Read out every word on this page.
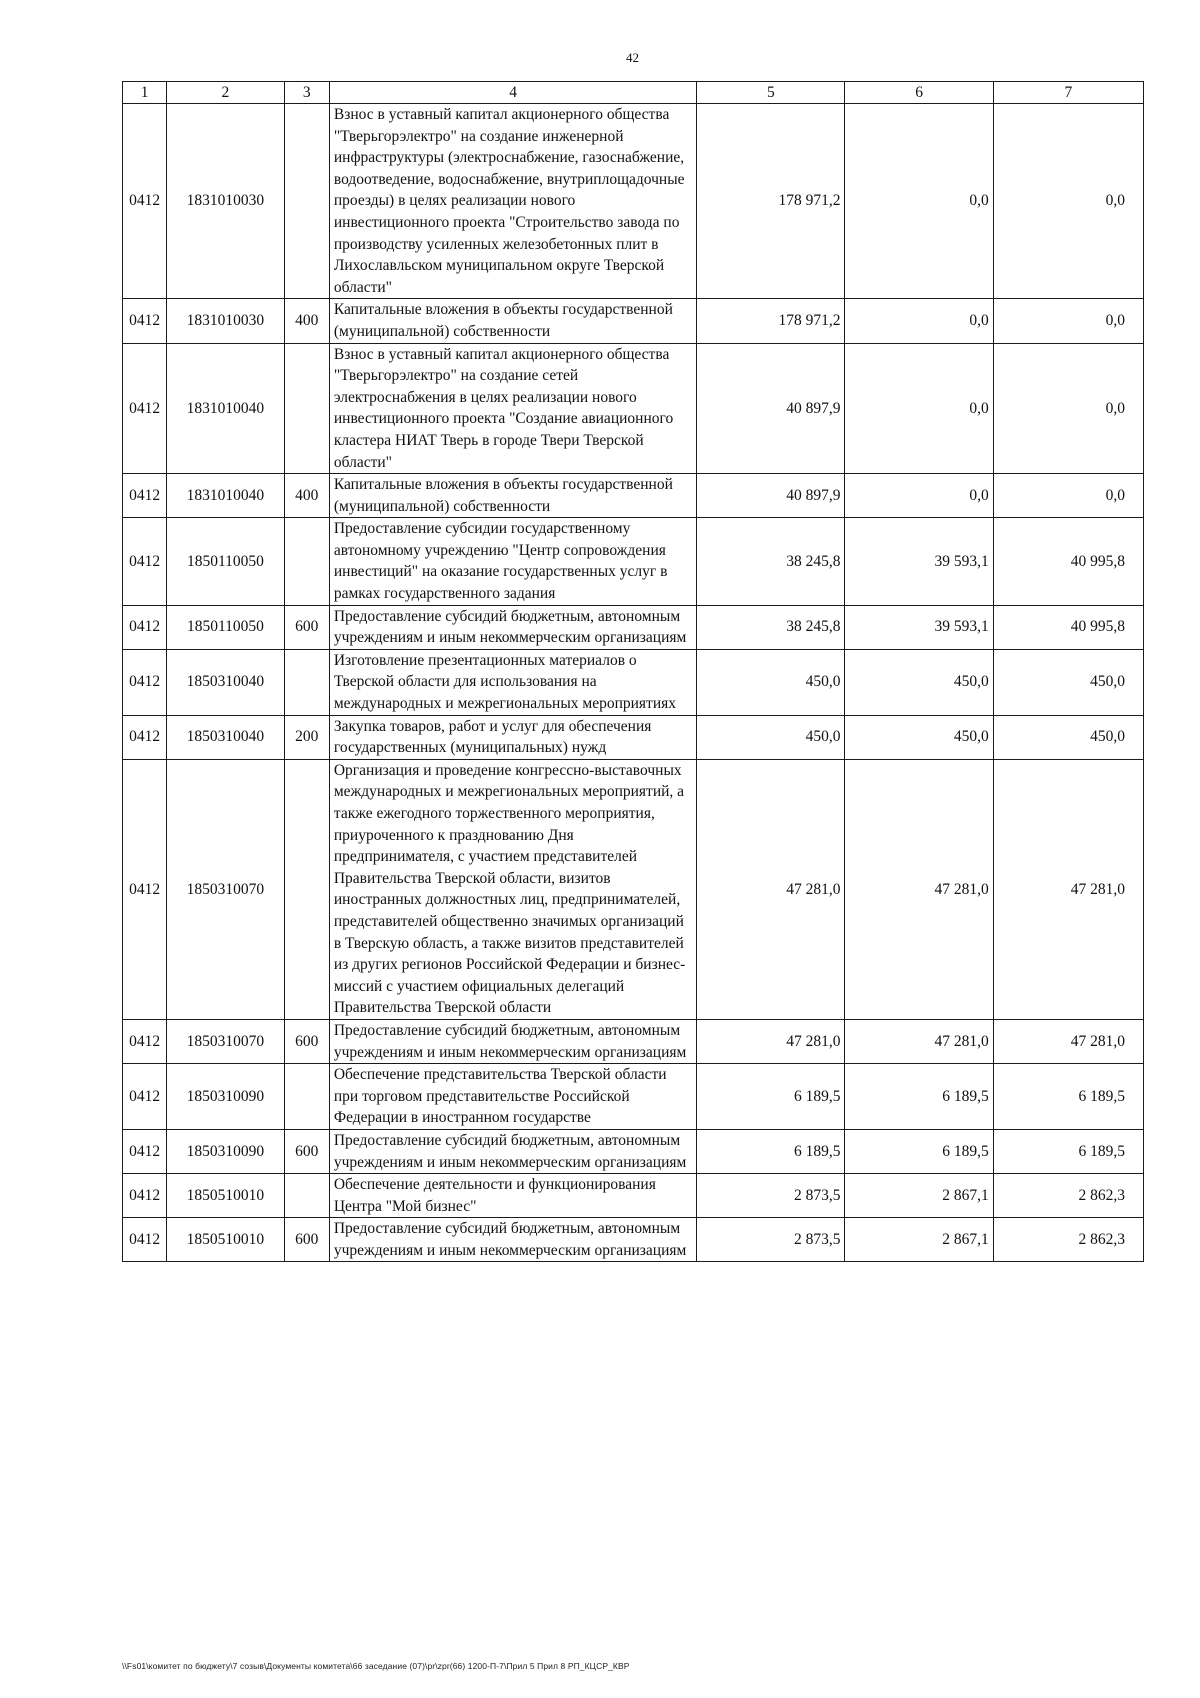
42
1	2	3	4	5	6	7
0412	1831010030		Взнос в уставный капитал акционерного общества "Тверьгорэлектро" на создание инженерной инфраструктуры (электроснабжение, газоснабжение, водоотведение, водоснабжение, внутриплощадочные проезды) в целях реализации нового инвестиционного проекта "Строительство завода по производству усиленных железобетонных плит в Лихославльском муниципальном округе Тверской области"	178 971,2	0,0	0,0
0412	1831010030	400	Капитальные вложения в объекты государственной (муниципальной) собственности	178 971,2	0,0	0,0
0412	1831010040		Взнос в уставный капитал акционерного общества "Тверьгорэлектро" на создание сетей электроснабжения в целях реализации нового инвестиционного проекта "Создание авиационного кластера НИАТ Тверь в городе Твери Тверской области"	40 897,9	0,0	0,0
0412	1831010040	400	Капитальные вложения в объекты государственной (муниципальной) собственности	40 897,9	0,0	0,0
0412	1850110050		Предоставление субсидии государственному автономному учреждению "Центр сопровождения инвестиций" на оказание государственных услуг в рамках государственного задания	38 245,8	39 593,1	40 995,8
0412	1850110050	600	Предоставление субсидий бюджетным, автономным учреждениям и иным некоммерческим организациям	38 245,8	39 593,1	40 995,8
0412	1850310040		Изготовление презентационных материалов о Тверской области для использования на международных и межрегиональных мероприятиях	450,0	450,0	450,0
0412	1850310040	200	Закупка товаров, работ и услуг для обеспечения государственных (муниципальных) нужд	450,0	450,0	450,0
0412	1850310070		Организация и проведение конгрессно-выставочных международных и межрегиональных мероприятий, а также ежегодного торжественного мероприятия, приуроченного к празднованию Дня предпринимателя, с участием представителей Правительства Тверской области, визитов иностранных должностных лиц, предпринимателей, представителей общественно значимых организаций в Тверскую область, а также визитов представителей из других регионов Российской Федерации и бизнес-миссий с участием официальных делегаций Правительства Тверской области	47 281,0	47 281,0	47 281,0
0412	1850310070	600	Предоставление субсидий бюджетным, автономным учреждениям и иным некоммерческим организациям	47 281,0	47 281,0	47 281,0
0412	1850310090		Обеспечение представительства Тверской области при торговом представительстве Российской Федерации в иностранном государстве	6 189,5	6 189,5	6 189,5
0412	1850310090	600	Предоставление субсидий бюджетным, автономным учреждениям и иным некоммерческим организациям	6 189,5	6 189,5	6 189,5
0412	1850510010		Обеспечение деятельности и функционирования Центра "Мой бизнес"	2 873,5	2 867,1	2 862,3
0412	1850510010	600	Предоставление субсидий бюджетным, автономным учреждениям и иным некоммерческим организациям	2 873,5	2 867,1	2 862,3
\\Fs01\комитет по бюджету\7 созыв\Документы комитета\66 заседание (07)\pr\zpr(66) 1200-П-7\Прил 5 Прил 8 РП_КЦСР_КВР
